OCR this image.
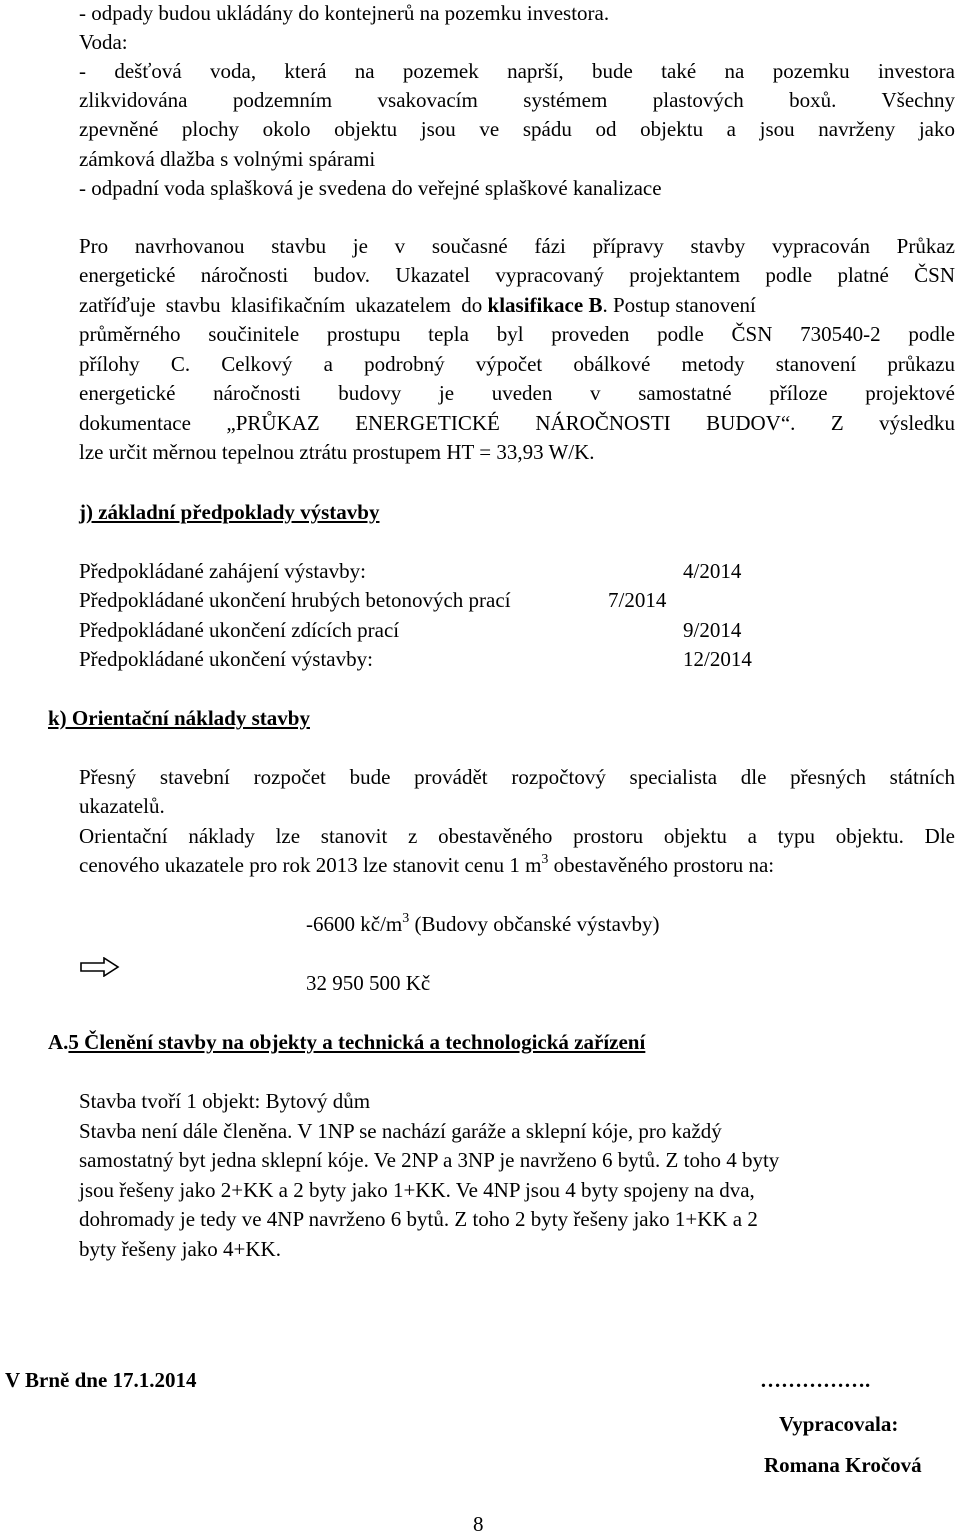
- odpady budou ukládány do kontejnerů na pozemku investora.
Voda:
- dešťová voda, která na pozemek naprší, bude také na pozemku investora
zlikvidována podzemním vsakovacím systémem plastových boxů. Všechny
zpevněné plochy okolo objektu jsou ve spádu od objektu a jsou navrženy jako
zámková dlažba s volnými spárami
- odpadní voda splašková je svedena do veřejné splaškové kanalizace
Pro navrhovanou stavbu je v současné fázi přípravy stavby vypracován Průkaz
energetické náročnosti budov. Ukazatel vypracovaný projektantem podle platné ČSN
zatříďuje stavbu klasifikačním ukazatelem do klasifikace B. Postup stanovení
průměrného součinitele prostupu tepla byl proveden podle ČSN 730540-2 podle
přílohy C. Celkový a podrobný výpočet obálkové metody stanovení průkazu
energetické náročnosti budovy je uveden v samostatné příloze projektové
dokumentace „PRŮKAZ ENERGETICKÉ NÁROČNOSTI BUDOV“. Z výsledku
lze určit měrnou tepelnou ztrátu prostupem HT = 33,93 W/K.
j) základní předpoklady výstavby
Předpokládané zahájení výstavby:	4/2014
Předpokládané ukončení hrubých betonových prací	7/2014
Předpokládané ukončení zdících prací	9/2014
Předpokládané ukončení výstavby:	12/2014
k) Orientační náklady stavby
Přesný stavební rozpočet bude provádět rozpočtový specialista dle přesných státních
ukazatelů.
Orientační náklady lze stanovit z obestavěného prostoru objektu a typu objektu. Dle
cenového ukazatele pro rok 2013 lze stanovit cenu 1 $m^3$ obestavěného prostoru na:
-6600 $kč/m^3$ (Budovy občanské výstavby)
32 950 500 Kč
A.5 Členění stavby na objekty a technická a technologická zařízení
Stavba tvoří 1 objekt: Bytový dům
Stavba není dále členěna. V 1NP se nachází garáže a sklepní kóje, pro každý
samostatný byt jedna sklepní kóje. Ve 2NP a 3NP je navrženo 6 bytů. Z toho 4 byty
jsou řešeny jako 2+KK a 2 byty jako 1+KK. Ve 4NP jsou 4 byty spojeny na dva,
dohromady je tedy ve 4NP navrženo 6 bytů. Z toho 2 byty řešeny jako 1+KK a 2
byty řešeny jako 4+KK.
V Brně dne 17.1.2014	…………….
Vypracovala:
Romana Kročová
8
